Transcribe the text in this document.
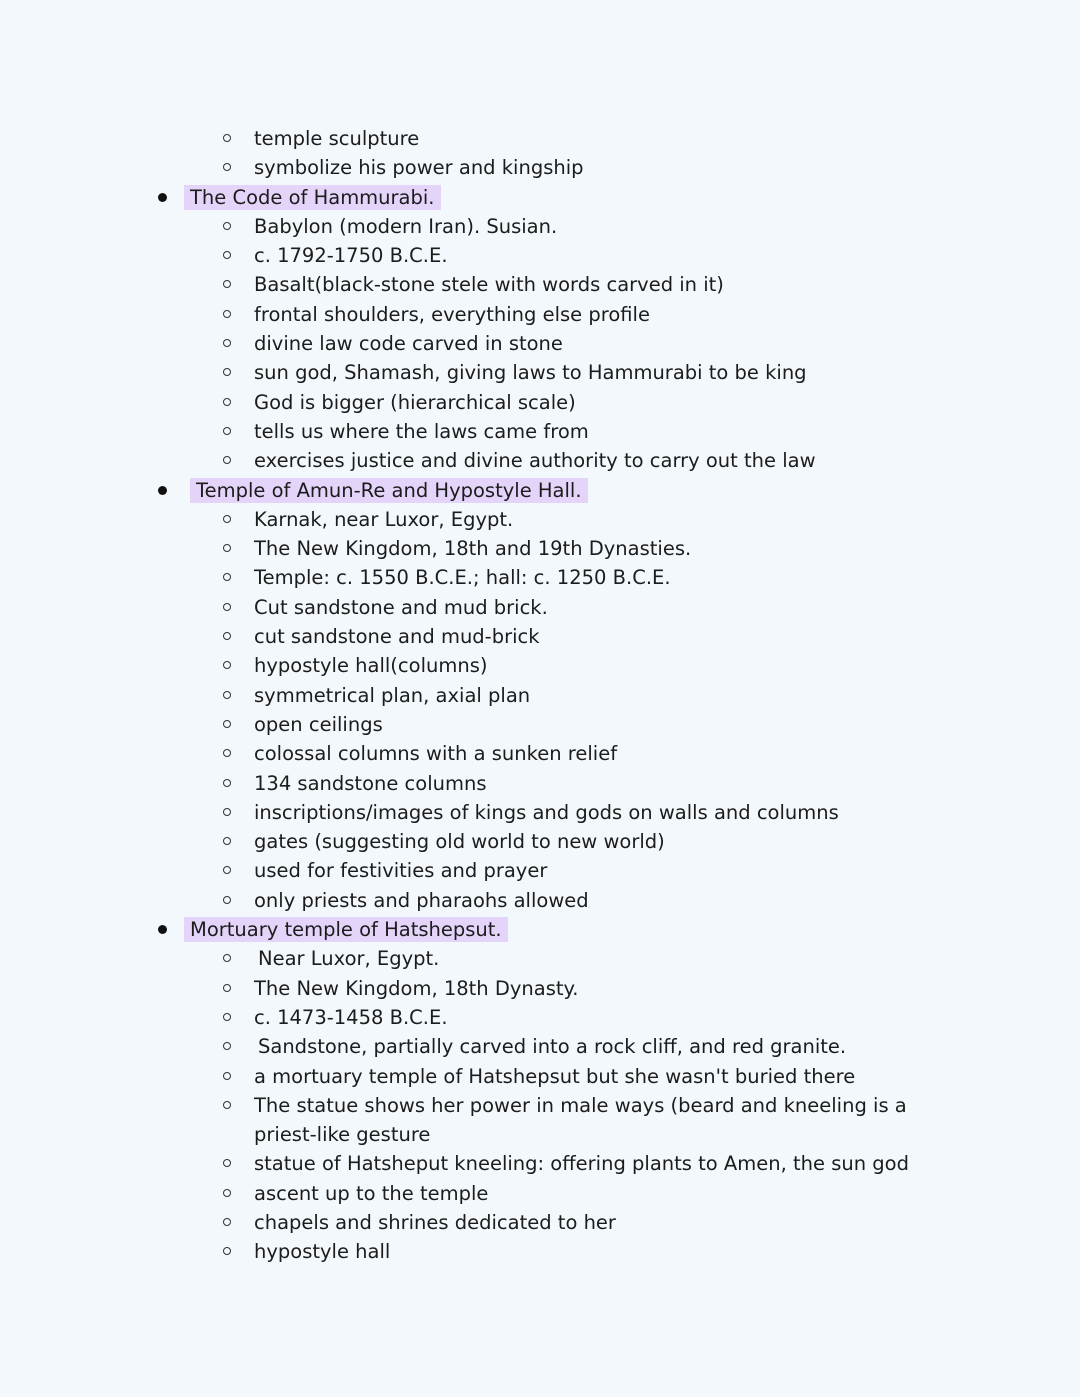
temple sculpture
symbolize his power and kingship
The Code of Hammurabi.
Babylon (modern Iran). Susian.
c. 1792-1750 B.C.E.
Basalt(black-stone stele with words carved in it)
frontal shoulders, everything else profile
divine law code carved in stone
sun god, Shamash, giving laws to Hammurabi to be king
God is bigger (hierarchical scale)
tells us where the laws came from
exercises justice and divine authority to carry out the law
Temple of Amun-Re and Hypostyle Hall.
Karnak, near Luxor, Egypt.
The New Kingdom, 18th and 19th Dynasties.
Temple: c. 1550 B.C.E.; hall: c. 1250 B.C.E.
Cut sandstone and mud brick.
cut sandstone and mud-brick
hypostyle hall(columns)
symmetrical plan, axial plan
open ceilings
colossal columns with a sunken relief
134 sandstone columns
inscriptions/images of kings and gods on walls and columns
gates (suggesting old world to new world)
used for festivities and prayer
only priests and pharaohs allowed
Mortuary temple of Hatshepsut.
Near Luxor, Egypt.
The New Kingdom, 18th Dynasty.
c. 1473-1458 B.C.E.
Sandstone, partially carved into a rock cliff, and red granite.
a mortuary temple of Hatshepsut but she wasn't buried there
The statue shows her power in male ways (beard and kneeling is a
priest-like gesture
statue of Hatsheput kneeling: offering plants to Amen, the sun god
ascent up to the temple
chapels and shrines dedicated to her
hypostyle hall
